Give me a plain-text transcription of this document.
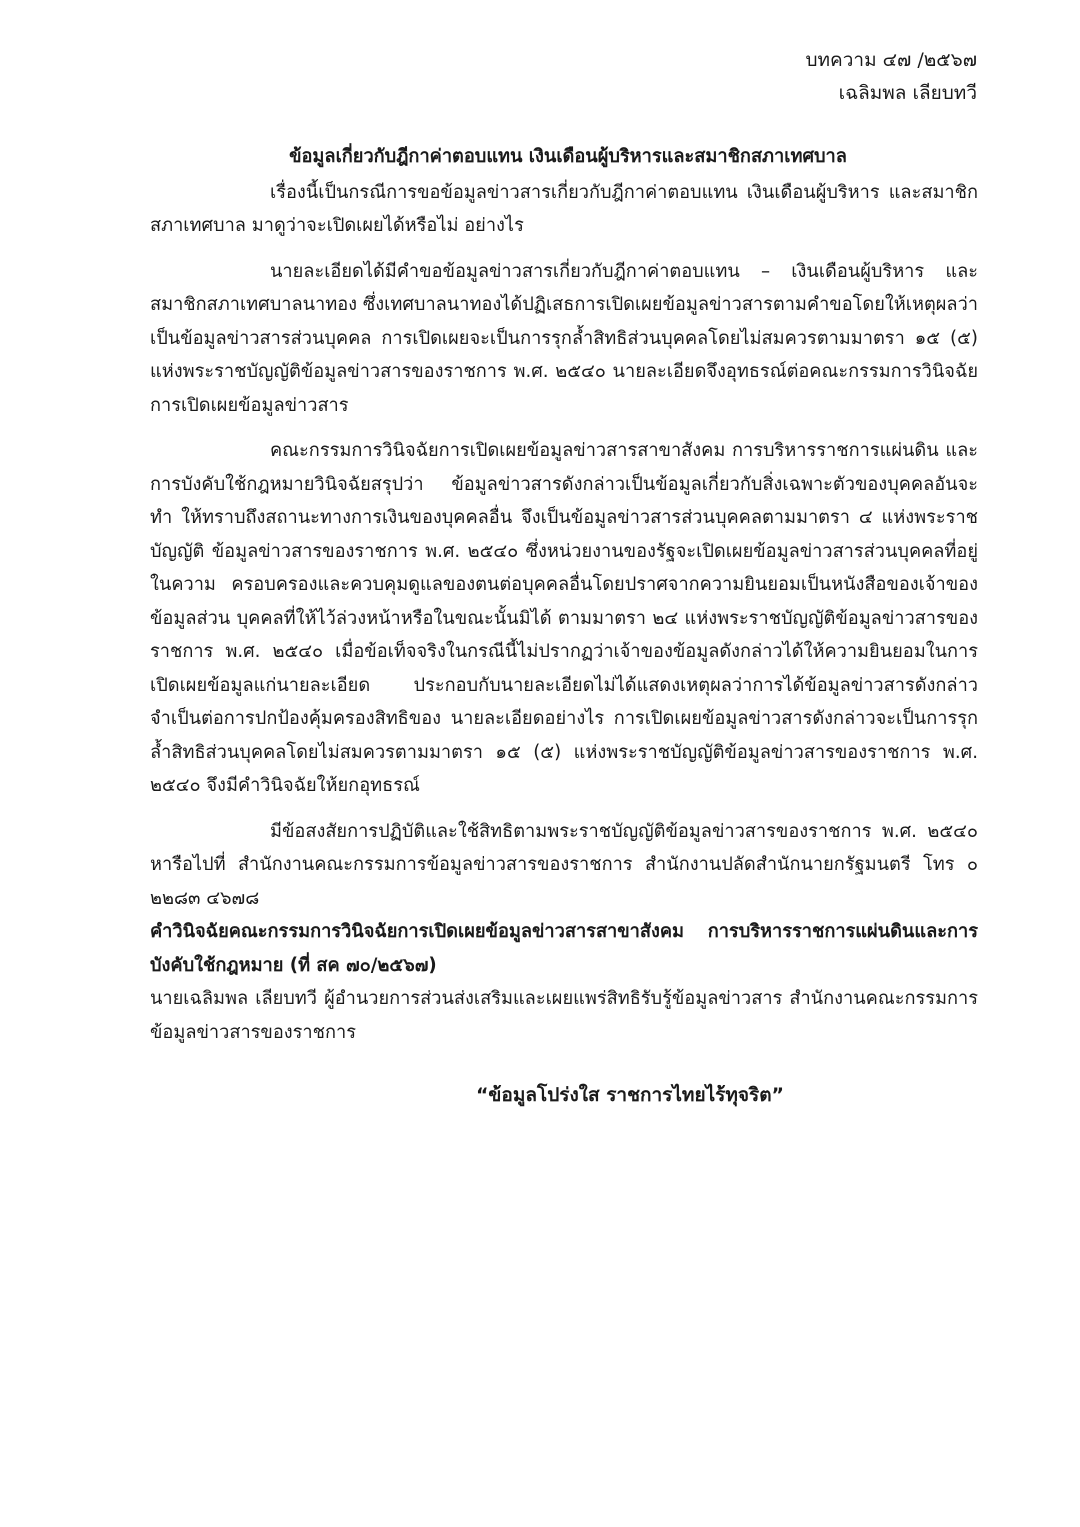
บทความ ๔๗ /๒๕๖๗
เฉลิมพล เลียบทวี
ข้อมูลเกี่ยวกับฎีกาค่าตอบแทน เงินเดือนผู้บริหารและสมาชิกสภาเทศบาล

เรื่องนี้เป็นกรณีการขอข้อมูลข่าวสารเกี่ยวกับฎีกาค่าตอบแทน เงินเดือนผู้บริหาร และสมาชิกสภาเทศบาล มาดูว่าจะเปิดเผยได้หรือไม่ อย่างไร

นายละเอียดได้มีคำขอข้อมูลข่าวสารเกี่ยวกับฎีกาค่าตอบแทน – เงินเดือนผู้บริหาร และสมาชิกสภาเทศบาลนาทอง ซึ่งเทศบาลนาทองได้ปฏิเสธการเปิดเผยข้อมูลข่าวสารตามคำขอโดยให้เหตุผลว่า เป็นข้อมูลข่าวสารส่วนบุคคล การเปิดเผยจะเป็นการรุกล้ำสิทธิส่วนบุคคลโดยไม่สมควรตามมาตรา ๑๕ (๕) แห่งพระราชบัญญัติข้อมูลข่าวสารของราชการ พ.ศ. ๒๕๔๐ นายละเอียดจึงอุทธรณ์ต่อคณะกรรมการวินิจฉัย การเปิดเผยข้อมูลข่าวสาร

คณะกรรมการวินิจฉัยการเปิดเผยข้อมูลข่าวสารสาขาสังคม การบริหารราชการแผ่นดิน และการบังคับใช้กฎหมายวินิจฉัยสรุปว่า ข้อมูลข่าวสารดังกล่าวเป็นข้อมูลเกี่ยวกับสิ่งเฉพาะตัวของบุคคลอันจะทำ ให้ทราบถึงสถานะทางการเงินของบุคคลอื่น จึงเป็นข้อมูลข่าวสารส่วนบุคคลตามมาตรา ๔ แห่งพระราชบัญญัติ ข้อมูลข่าวสารของราชการ พ.ศ. ๒๕๔๐ ซึ่งหน่วยงานของรัฐจะเปิดเผยข้อมูลข่าวสารส่วนบุคคลที่อยู่ในความ ครอบครองและควบคุมดูแลของตนต่อบุคคลอื่นโดยปราศจากความยินยอมเป็นหนังสือของเจ้าของข้อมูลส่วน บุคคลที่ให้ไว้ล่วงหน้าหรือในขณะนั้นมิได้ ตามมาตรา ๒๔ แห่งพระราชบัญญัติข้อมูลข่าวสารของราชการ พ.ศ. ๒๕๔๐ เมื่อข้อเท็จจริงในกรณีนี้ไม่ปรากฏว่าเจ้าของข้อมูลดังกล่าวได้ให้ความยินยอมในการเปิดเผยข้อมูลแก่นายละเอียด ประกอบกับนายละเอียดไม่ได้แสดงเหตุผลว่าการได้ข้อมูลข่าวสารดังกล่าวจำเป็นต่อการปกป้องคุ้มครองสิทธิของ นายละเอียดอย่างไร การเปิดเผยข้อมูลข่าวสารดังกล่าวจะเป็นการรุกล้ำสิทธิส่วนบุคคลโดยไม่สมควรตามมาตรา ๑๕ (๕) แห่งพระราชบัญญัติข้อมูลข่าวสารของราชการ พ.ศ. ๒๕๔๐ จึงมีคำวินิจฉัยให้ยกอุทธรณ์

มีข้อสงสัยการปฏิบัติและใช้สิทธิตามพระราชบัญญัติข้อมูลข่าวสารของราชการ พ.ศ. ๒๕๔๐ หารือไปที่ สำนักงานคณะกรรมการข้อมูลข่าวสารของราชการ สำนักงานปลัดสำนักนายกรัฐมนตรี โทร ๐ ๒๒๘๓ ๔๖๗๘

คำวินิจฉัยคณะกรรมการวินิจฉัยการเปิดเผยข้อมูลข่าวสารสาขาสังคม การบริหารราชการแผ่นดินและการ บังคับใช้กฎหมาย (ที่ สค ๗๐/๒๕๖๗)

นายเฉลิมพล เลียบทวี ผู้อำนวยการส่วนส่งเสริมและเผยแพร่สิทธิรับรู้ข้อมูลข่าวสาร สำนักงานคณะกรรมการ ข้อมูลข่าวสารของราชการ

“ข้อมูลโปร่งใส ราชการไทยไร้ทุจริต”
